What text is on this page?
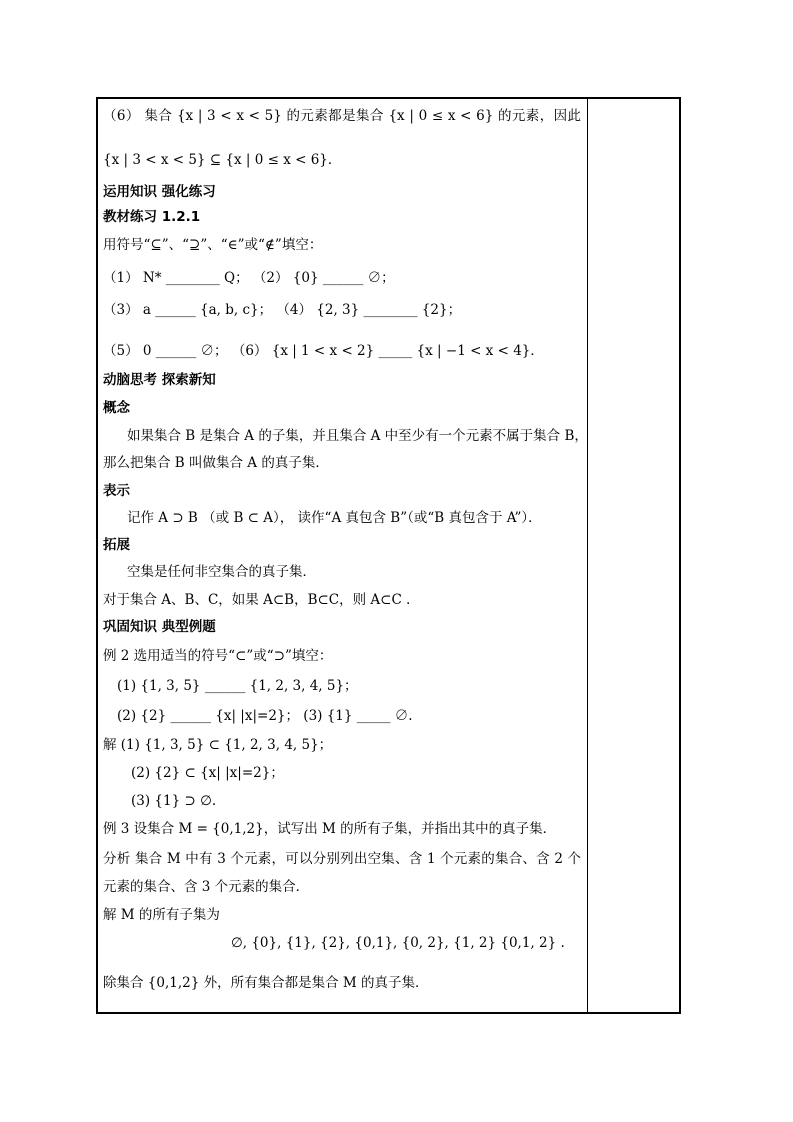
（6） 集合 {x | 3 < x < 5} 的元素都是集合 {x | 0 ≤ x < 6} 的元素，因此
{x | 3 < x < 5} ⊆ {x | 0 ≤ x < 6}．
运用知识 强化练习
教材练习 1.2.1
用符号“⊆”、“⊇”、“∈”或“∉”填空：
（1） N* ________ Q； （2） {0} ______ ∅；
（3） a ______ {a, b, c}； （4） {2, 3} ________ {2}；
（5） 0 ______ ∅； （6） {x | 1 < x < 2} _____ {x | −1 < x < 4}．
动脑思考 探索新知
概念
如果集合 B 是集合 A 的子集，并且集合 A 中至少有一个元素不属于集合 B，
那么把集合 B 叫做集合 A 的真子集．
表示
记作 A ⊃ B （或 B ⊂ A）， 读作“A 真包含 B”（或“B 真包含于 A”）．
拓展
空集是任何非空集合的真子集．
对于集合 A、B、C，如果 A⊂B，B⊂C，则 A⊂C ．
巩固知识 典型例题
例 2 选用适当的符号“⊂”或“⊃”填空：
(1) {1, 3, 5} ______ {1, 2, 3, 4, 5}；
(2) {2} ______ {x| |x|=2}； (3) {1} _____ ∅.
解 (1) {1, 3, 5} ⊂ {1, 2, 3, 4, 5}；
(2) {2} ⊂ {x| |x|=2}；
(3) {1} ⊃ ∅.
例 3 设集合 M = {0,1,2}，试写出 M 的所有子集，并指出其中的真子集．
分析 集合 M 中有 3 个元素，可以分别列出空集、含 1 个元素的集合、含 2 个
元素的集合、含 3 个元素的集合．
解 M 的所有子集为
∅, {0}, {1}, {2}, {0,1}, {0, 2}, {1, 2} {0,1, 2} .
除集合 {0,1,2} 外，所有集合都是集合 M 的真子集．
